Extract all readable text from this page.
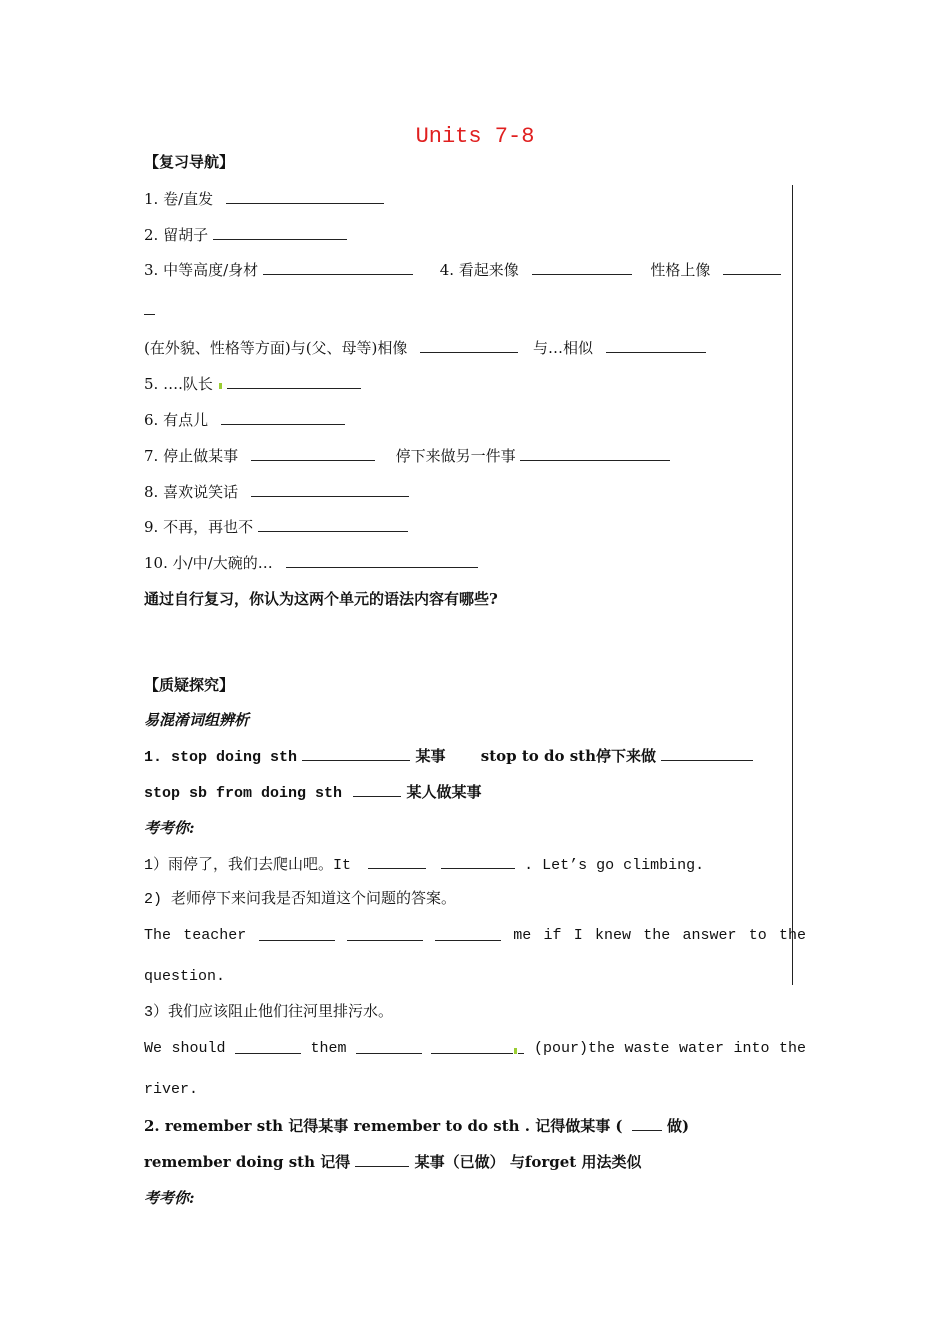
Units 7-8
【复习导航】
1. 卷/直发
2. 留胡子
3. 中等高度/身材	4. 看起来像	性格上像
(在外貌、性格等方面)与(父、母等)相像	与…相似
5. ….队长
6. 有点儿
7. 停止做某事	停下来做另一件事
8. 喜欢说笑话
9. 不再，再也不
10. 小/中/大碗的…
通过自行复习，你认为这两个单元的语法内容有哪些?
【质疑探究】
易混淆词组辨析
1. stop doing sth	某事 stop to do sth停下来做
stop sb from doing sth	某人做某事
考考你:
1）雨停了，我们去爬山吧。It	. Let’s go climbing.
2) 老师停下来问我是否知道这个问题的答案。
The teacher	me if I knew the answer to the
question.
3）我们应该阻止他们往河里排污水。
We should	them	(pour)the waste water into the
river.
2. remember sth 记得某事 remember to do sth . 记得做某事 (	做)
remember doing sth 记得	某事（已做） 与forget 用法类似
考考你:
